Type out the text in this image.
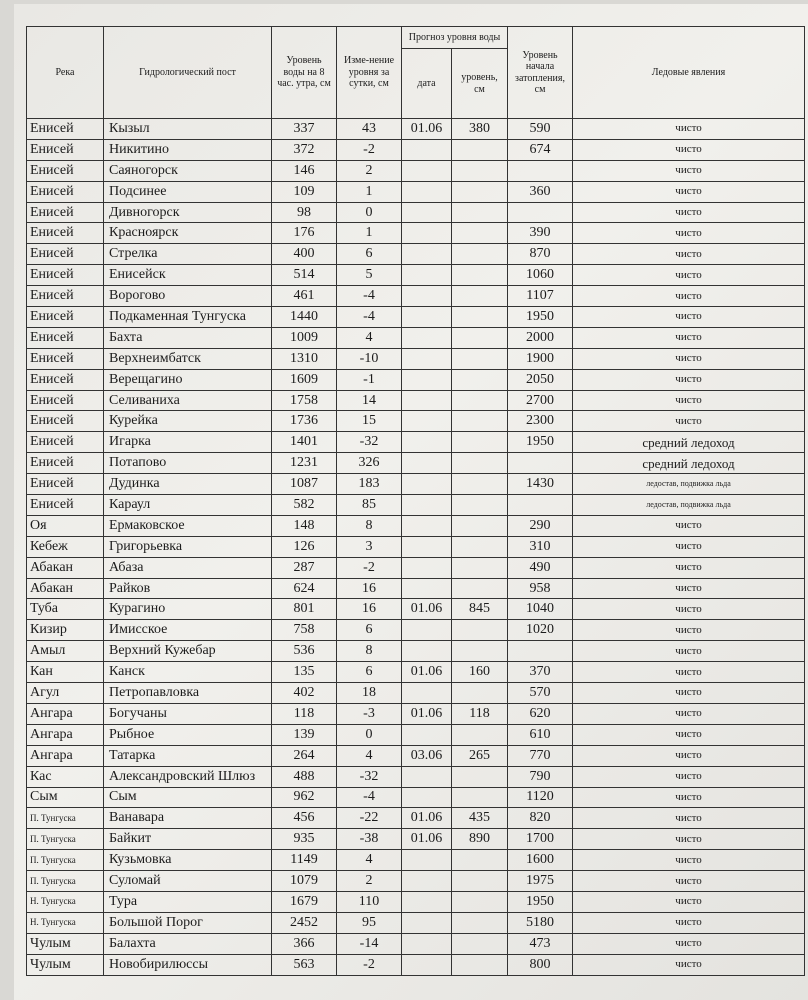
Река	Гидрологический пост	Уровень воды на 8 час. утра, см	Изме-нение уровня за сутки, см	Прогноз уровня воды		Уровень начала затопления, см	Ледовые явления
				дата	уровень, см		
Енисей	Кызыл	337	43	01.06	380	590	чисто
Енисей	Никитино	372	-2			674	чисто
Енисей	Саяногорск	146	2				чисто
Енисей	Подсинее	109	1			360	чисто
Енисей	Дивногорск	98	0				чисто
Енисей	Красноярск	176	1			390	чисто
Енисей	Стрелка	400	6			870	чисто
Енисей	Енисейск	514	5			1060	чисто
Енисей	Ворогово	461	-4			1107	чисто
Енисей	Подкаменная Тунгуска	1440	-4			1950	чисто
Енисей	Бахта	1009	4			2000	чисто
Енисей	Верхнеимбатск	1310	-10			1900	чисто
Енисей	Верещагино	1609	-1			2050	чисто
Енисей	Селиваниха	1758	14			2700	чисто
Енисей	Курейка	1736	15			2300	чисто
Енисей	Игарка	1401	-32			1950	средний ледоход
Енисей	Потапово	1231	326				средний ледоход
Енисей	Дудинка	1087	183			1430	ледостав, подвижка льда
Енисей	Караул	582	85				ледостав, подвижка льда
Оя	Ермаковское	148	8			290	чисто
Кебеж	Григорьевка	126	3			310	чисто
Абакан	Абаза	287	-2			490	чисто
Абакан	Райков	624	16			958	чисто
Туба	Курагино	801	16	01.06	845	1040	чисто
Кизир	Имисское	758	6			1020	чисто
Амыл	Верхний Кужебар	536	8				чисто
Кан	Канск	135	6	01.06	160	370	чисто
Агул	Петропавловка	402	18			570	чисто
Ангара	Богучаны	118	-3	01.06	118	620	чисто
Ангара	Рыбное	139	0			610	чисто
Ангара	Татарка	264	4	03.06	265	770	чисто
Кас	Александровский Шлюз	488	-32			790	чисто
Сым	Сым	962	-4			1120	чисто
П. Тунгуска	Ванавара	456	-22	01.06	435	820	чисто
П. Тунгуска	Байкит	935	-38	01.06	890	1700	чисто
П. Тунгуска	Кузьмовка	1149	4			1600	чисто
П. Тунгуска	Суломай	1079	2			1975	чисто
Н. Тунгуска	Тура	1679	110			1950	чисто
Н. Тунгуска	Большой Порог	2452	95			5180	чисто
Чулым	Балахта	366	-14			473	чисто
Чулым	Новобирилюссы	563	-2			800	чисто
